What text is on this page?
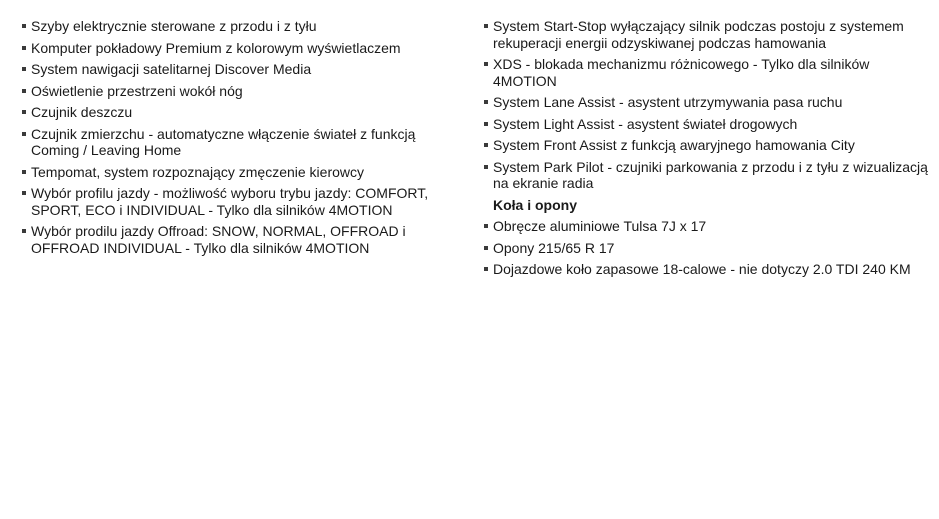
Szyby elektrycznie sterowane z przodu i z tyłu
Komputer pokładowy Premium z kolorowym wyświetlaczem
System nawigacji satelitarnej Discover Media
Oświetlenie przestrzeni wokół nóg
Czujnik deszczu
Czujnik zmierzchu - automatyczne włączenie świateł z funkcją Coming / Leaving Home
Tempomat, system rozpoznający zmęczenie kierowcy
Wybór profilu jazdy - możliwość wyboru trybu jazdy: COMFORT, SPORT, ECO i INDIVIDUAL - Tylko dla silników 4MOTION
Wybór prodilu jazdy Offroad: SNOW, NORMAL, OFFROAD i OFFROAD INDIVIDUAL - Tylko dla silników 4MOTION
System Start-Stop wyłączający silnik podczas postoju z systemem rekuperacji energii odzyskiwanej podczas hamowania
XDS - blokada mechanizmu różnicowego - Tylko dla silników 4MOTION
System Lane Assist - asystent utrzymywania pasa ruchu
System Light Assist - asystent świateł drogowych
System Front Assist z funkcją awaryjnego hamowania City
System Park Pilot - czujniki parkowania z przodu i z tyłu z wizualizacją na ekranie radia
Koła i opony
Obręcze aluminiowe Tulsa 7J x 17
Opony 215/65 R 17
Dojazdowe koło zapasowe 18-calowe - nie dotyczy 2.0 TDI 240 KM
